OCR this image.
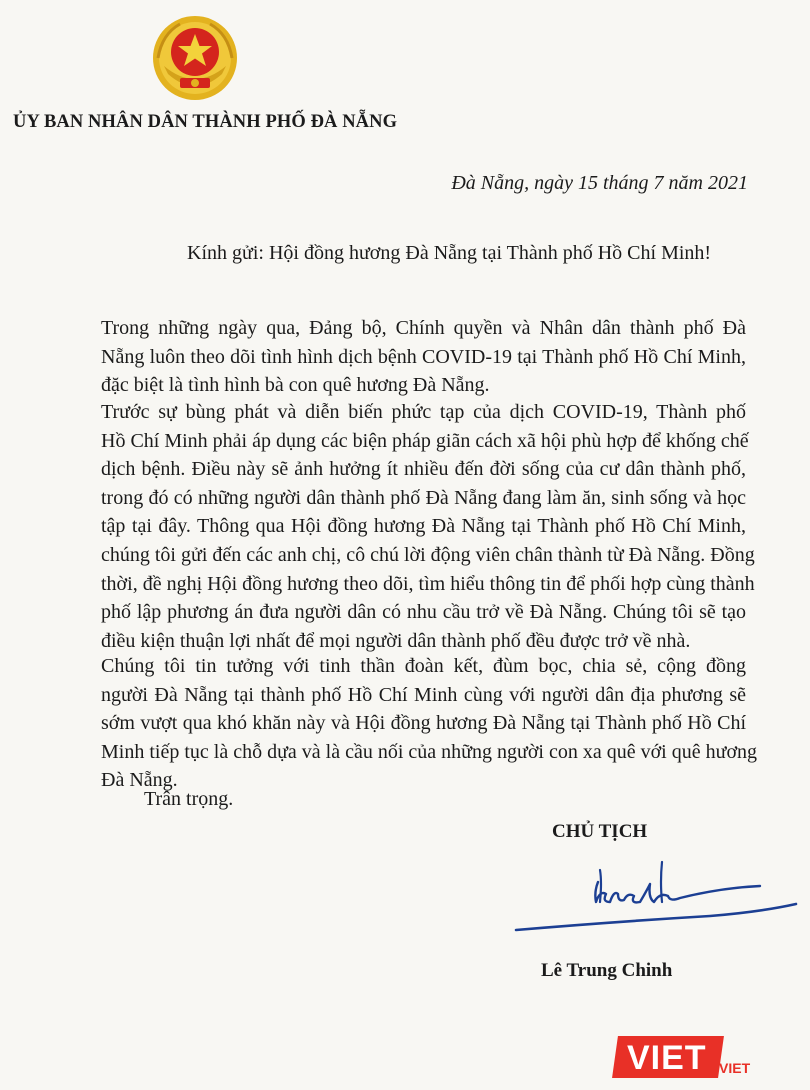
ỦY BAN NHÂN DÂN THÀNH PHỐ ĐÀ NẴNG
Đà Nẵng, ngày 15 tháng 7 năm 2021
Kính gửi: Hội đồng hương Đà Nẵng tại Thành phố Hồ Chí Minh!
Trong những ngày qua, Đảng bộ, Chính quyền và Nhân dân thành phố Đà
Nẵng luôn theo dõi tình hình dịch bệnh COVID-19 tại Thành phố Hồ Chí Minh,
đặc biệt là tình hình bà con quê hương Đà Nẵng.
Trước sự bùng phát và diễn biến phức tạp của dịch COVID-19, Thành phố
Hồ Chí Minh phải áp dụng các biện pháp giãn cách xã hội phù hợp để khống chế
dịch bệnh. Điều này sẽ ảnh hưởng ít nhiều đến đời sống của cư dân thành phố,
trong đó có những người dân thành phố Đà Nẵng đang làm ăn, sinh sống và học
tập tại đây. Thông qua Hội đồng hương Đà Nẵng tại Thành phố Hồ Chí Minh,
chúng tôi gửi đến các anh chị, cô chú lời động viên chân thành từ Đà Nẵng. Đồng
thời, đề nghị Hội đồng hương theo dõi, tìm hiểu thông tin để phối hợp cùng thành
phố lập phương án đưa người dân có nhu cầu trở về Đà Nẵng. Chúng tôi sẽ tạo
điều kiện thuận lợi nhất để mọi người dân thành phố đều được trở về nhà.
Chúng tôi tin tưởng với tinh thần đoàn kết, đùm bọc, chia sẻ, cộng đồng
người Đà Nẵng tại thành phố Hồ Chí Minh cùng với người dân địa phương sẽ
sớm vượt qua khó khăn này và Hội đồng hương Đà Nẵng tại Thành phố Hồ Chí
Minh tiếp tục là chỗ dựa và là cầu nối của những người con xa quê với quê hương
Đà Nẵng.
Trân trọng.
CHỦ TỊCH
Lê Trung Chinh
VIET VIET
